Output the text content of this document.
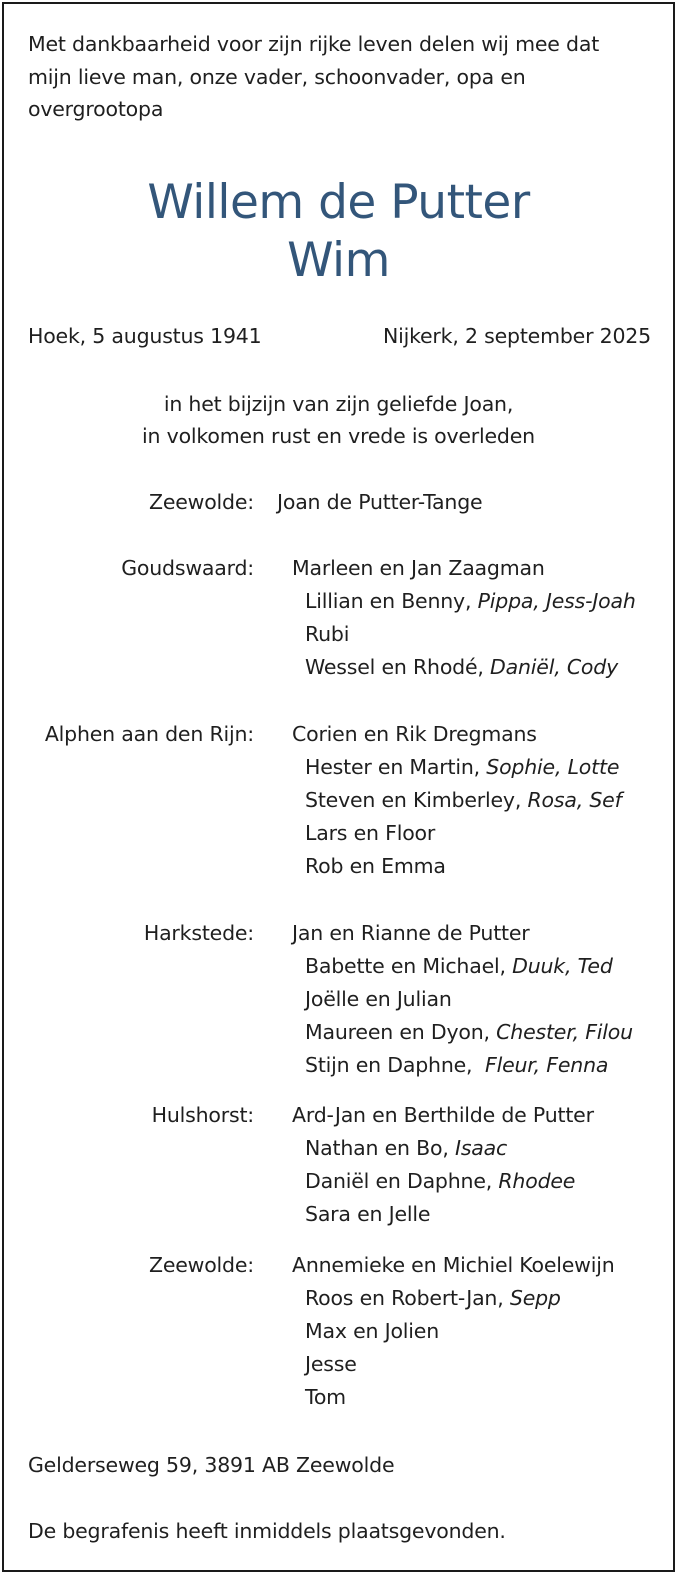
Met dankbaarheid voor zijn rijke leven delen wij mee dat mijn lieve man, onze vader, schoonvader, opa en overgrootopa
Willem de Putter
Wim
Hoek, 5 augustus 1941	Nijkerk, 2 september 2025
in het bijzijn van zijn geliefde Joan,
in volkomen rust en vrede is overleden
Zeewolde: Joan de Putter-Tange
Goudswaard: Marleen en Jan Zaagman
Lillian en Benny, Pippa, Jess-Joah
Rubi
Wessel en Rhodé, Daniël, Cody
Alphen aan den Rijn: Corien en Rik Dregmans
Hester en Martin, Sophie, Lotte
Steven en Kimberley, Rosa, Sef
Lars en Floor
Rob en Emma
Harkstede: Jan en Rianne de Putter
Babette en Michael, Duuk, Ted
Joëlle en Julian
Maureen en Dyon, Chester, Filou
Stijn en Daphne, Fleur, Fenna
Hulshorst: Ard-Jan en Berthilde de Putter
Nathan en Bo, Isaac
Daniël en Daphne, Rhodee
Sara en Jelle
Zeewolde: Annemieke en Michiel Koelewijn
Roos en Robert-Jan, Sepp
Max en Jolien
Jesse
Tom
Gelderseweg 59, 3891 AB Zeewolde
De begrafenis heeft inmiddels plaatsgevonden.
